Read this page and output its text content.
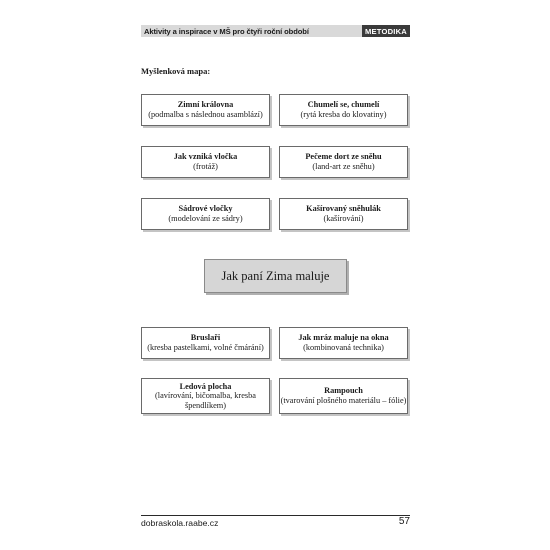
Aktivity a inspirace v MŠ pro čtyři roční období	METODIKA
Myšlenková mapa:
Zimní královna
(podmalba s následnou asamblází)
Chumelí se, chumelí
(rytá kresba do klovatiny)
Jak vzniká vločka
(frotáž)
Pečeme dort ze sněhu
(land-art ze sněhu)
Sádrové vločky
(modelování ze sádry)
Kašírovaný sněhulák
(kašírování)
Jak paní Zima maluje
Bruslaři
(kresba pastelkami, volné čmárání)
Jak mráz maluje na okna
(kombinovaná technika)
Ledová plocha
(lavírování, bičomalba, kresba špendlíkem)
Rampouch
(tvarování plošného materiálu – fólie)
dobraskola.raabe.cz	57
